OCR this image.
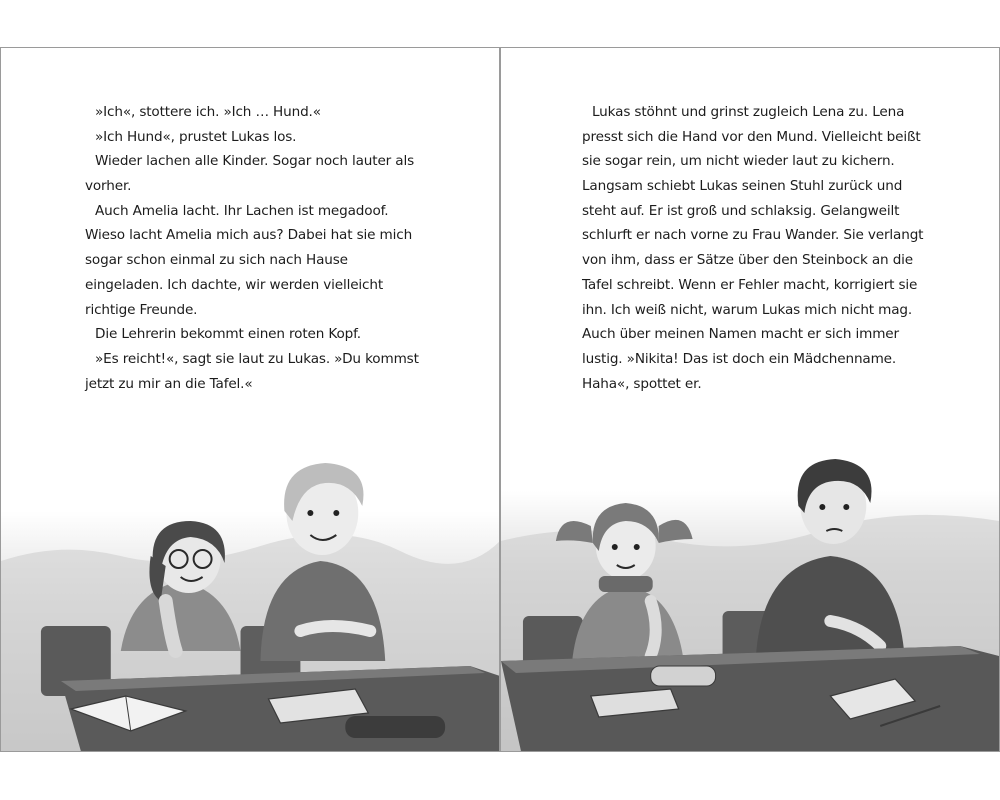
»Ich«, stottere ich. »Ich … Hund.«
»Ich Hund«, prustet Lukas los.
Wieder lachen alle Kinder. Sogar noch lauter als
vorher.
Auch Amelia lacht. Ihr Lachen ist megadoof.
Wieso lacht Amelia mich aus? Dabei hat sie mich
sogar schon einmal zu sich nach Hause
eingeladen. Ich dachte, wir werden vielleicht
richtige Freunde.
Die Lehrerin bekommt einen roten Kopf.
»Es reicht!«, sagt sie laut zu Lukas. »Du kommst
jetzt zu mir an die Tafel.«
Lukas stöhnt und grinst zugleich Lena zu. Lena
presst sich die Hand vor den Mund. Vielleicht beißt
sie sogar rein, um nicht wieder laut zu kichern.
Langsam schiebt Lukas seinen Stuhl zurück und
steht auf. Er ist groß und schlaksig. Gelangweilt
schlurft er nach vorne zu Frau Wander. Sie verlangt
von ihm, dass er Sätze über den Steinbock an die
Tafel schreibt. Wenn er Fehler macht, korrigiert sie
ihn. Ich weiß nicht, warum Lukas mich nicht mag.
Auch über meinen Namen macht er sich immer
lustig. »Nikita! Das ist doch ein Mädchenname.
Haha«, spottet er.
